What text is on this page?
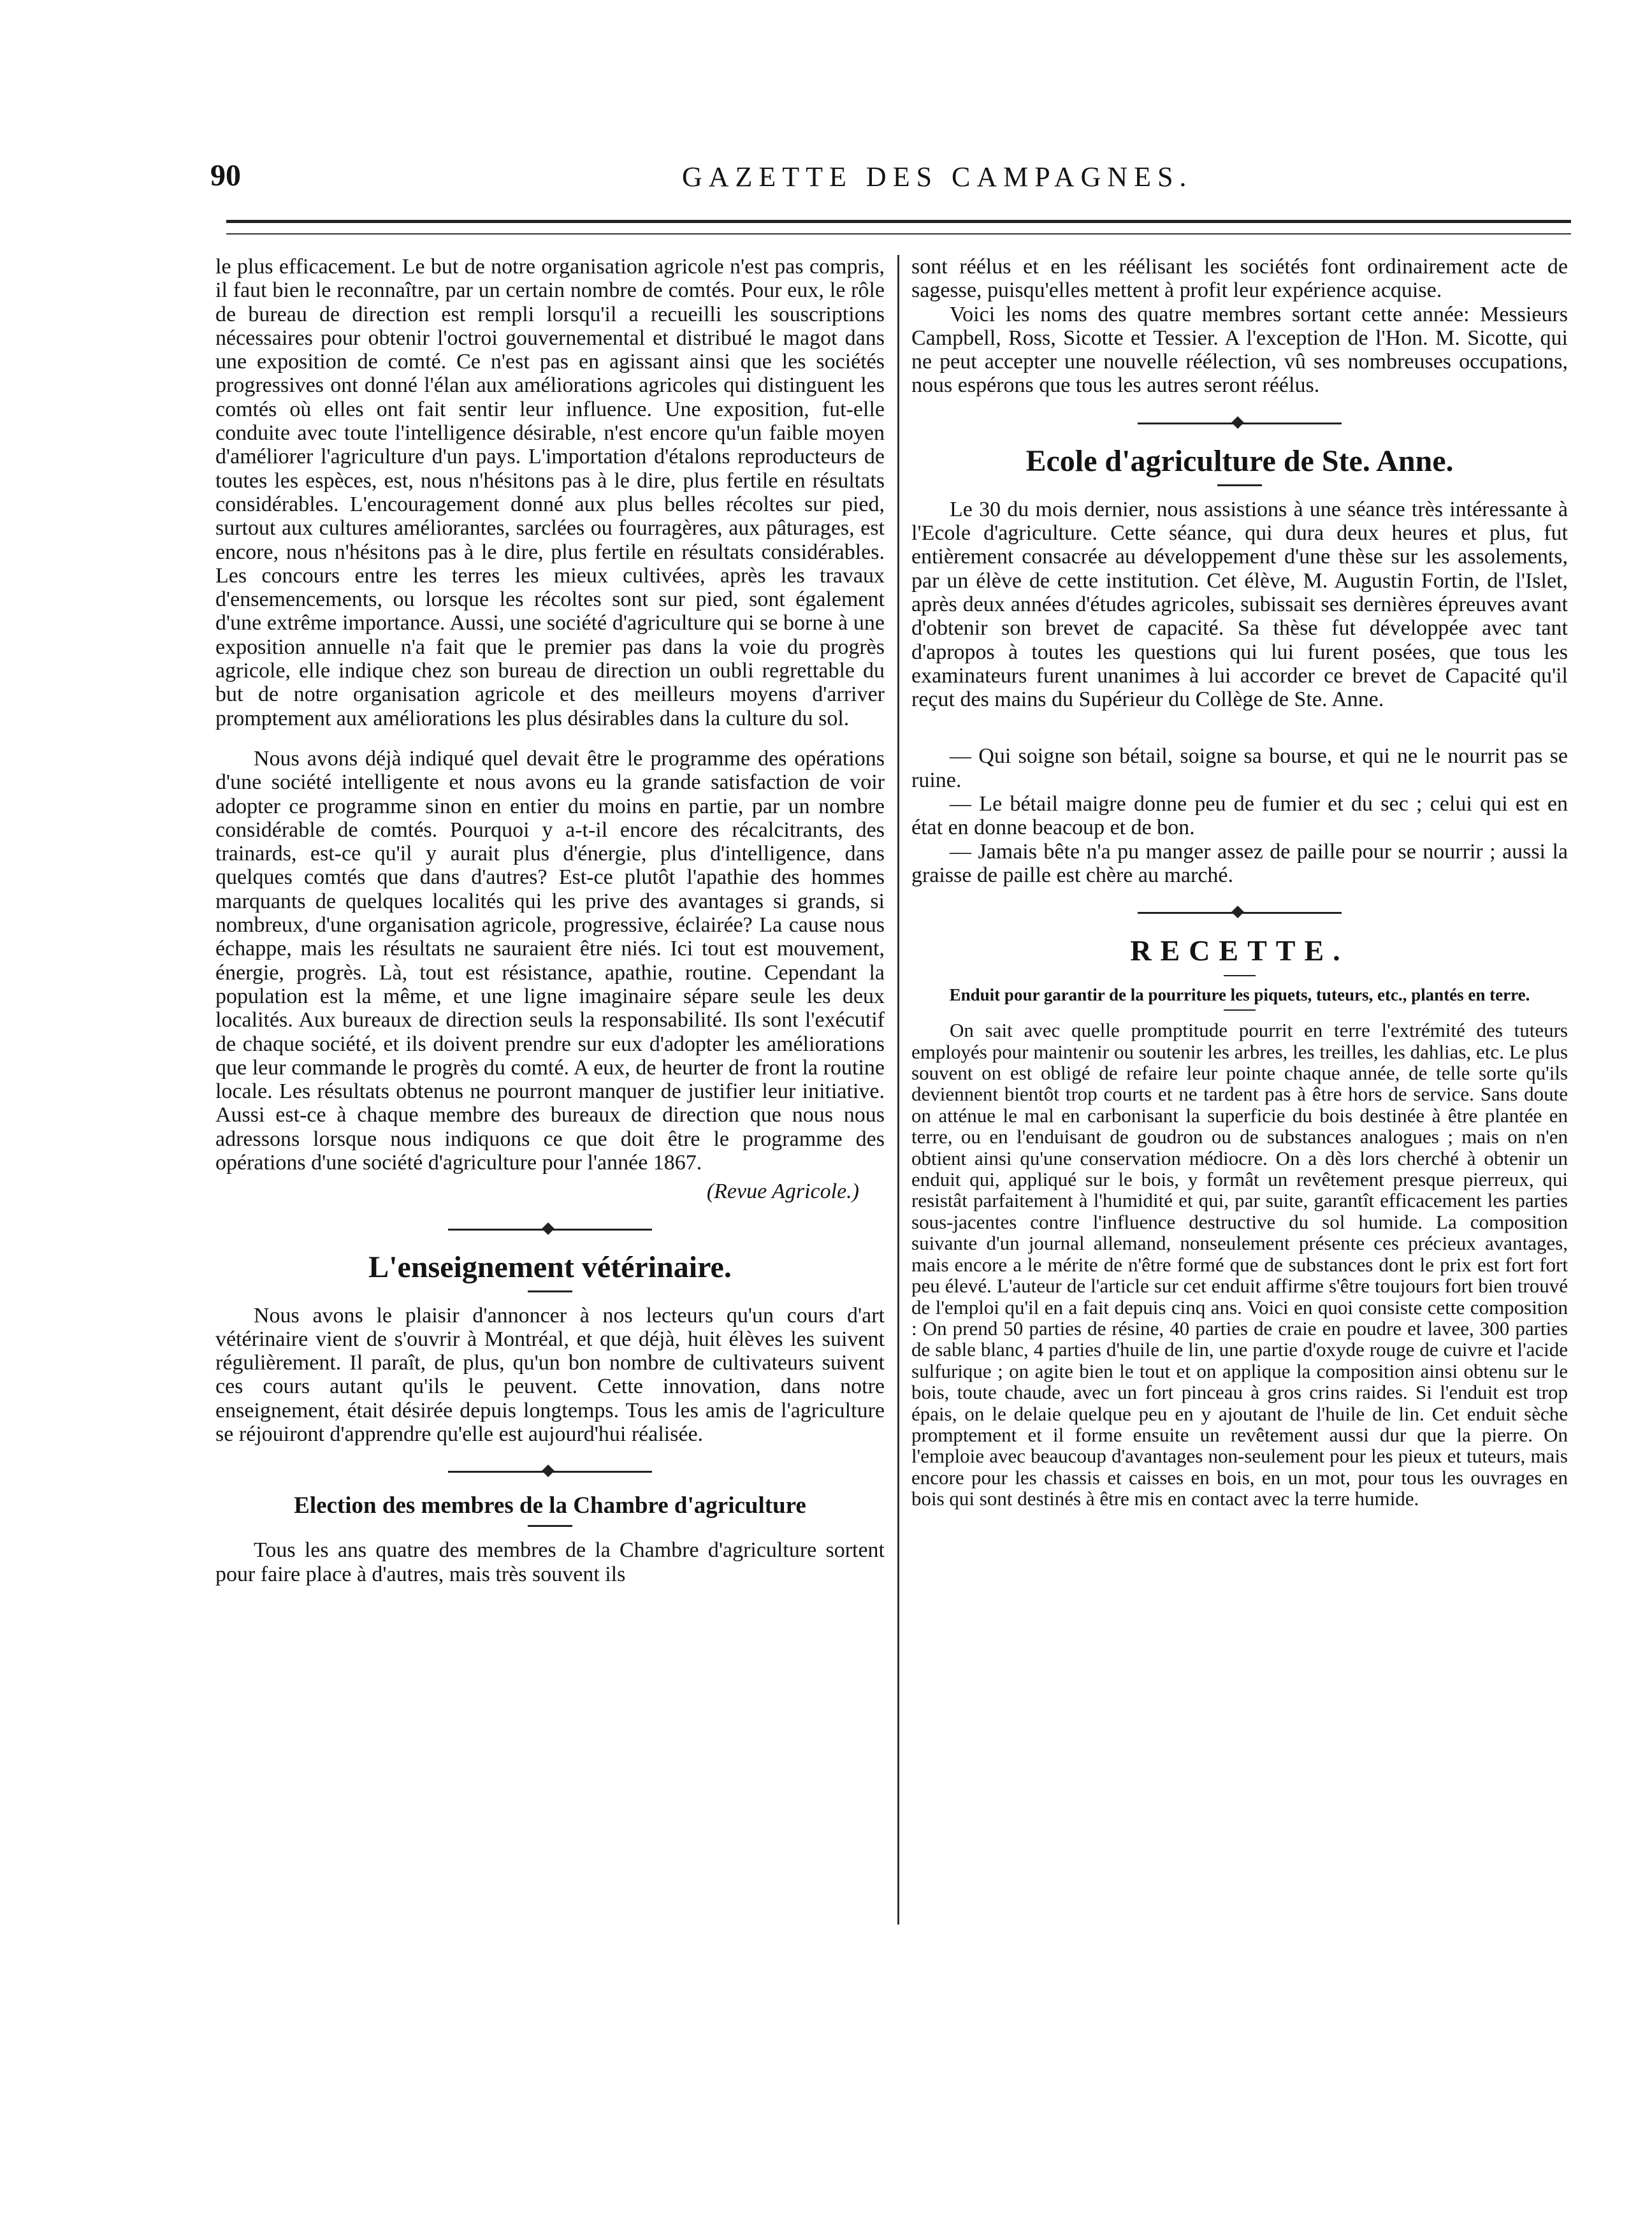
90	GAZETTE DES CAMPAGNES.

le plus efficacement. Le but de notre organisation agricole n'est pas compris, il faut bien le reconnaître, par un certain nombre de comtés. Pour eux, le rôle de bureau de direction est rempli lorsqu'il a recueilli les souscriptions nécessaires pour obtenir l'octroi gouvernemental et distribué le magot dans une exposition de comté. Ce n'est pas en agissant ainsi que les sociétés progressives ont donné l'élan aux améliorations agricoles qui distinguent les comtés où elles ont fait sentir leur influence. Une exposition, fut-elle conduite avec toute l'intelligence désirable, n'est encore qu'un faible moyen d'améliorer l'agriculture d'un pays. L'importation d'étalons reproducteurs de toutes les espèces, est, nous n'hésitons pas à le dire, plus fertile en résultats considérables. L'encouragement donné aux plus belles récoltes sur pied, surtout aux cultures améliorantes, sarclées ou fourragères, aux pâturages, est encore, nous n'hésitons pas à le dire, plus fertile en résultats considérables. Les concours entre les terres les mieux cultivées, après les travaux d'ensemencements, ou lorsque les récoltes sont sur pied, sont également d'une extrême importance. Aussi, une société d'agriculture qui se borne à une exposition annuelle n'a fait que le premier pas dans la voie du progrès agricole, elle indique chez son bureau de direction un oubli regrettable du but de notre organisation agricole et des meilleurs moyens d'arriver promptement aux améliorations les plus désirables dans la culture du sol.

Nous avons déjà indiqué quel devait être le programme des opérations d'une société intelligente et nous avons eu la grande satisfaction de voir adopter ce programme sinon en entier du moins en partie, par un nombre considérable de comtés. Pourquoi y a-t-il encore des récalcitrants, des trainards, est-ce qu'il y aurait plus d'énergie, plus d'intelligence, dans quelques comtés que dans d'autres? Est-ce plutôt l'apathie des hommes marquants de quelques localités qui les prive des avantages si grands, si nombreux, d'une organisation agricole, progressive, éclairée? La cause nous échappe, mais les résultats ne sauraient être niés. Ici tout est mouvement, énergie, progrès. Là, tout est résistance, apathie, routine. Cependant la population est la même, et une ligne imaginaire sépare seule les deux localités. Aux bureaux de direction seuls la responsabilité. Ils sont l'exécutif de chaque société, et ils doivent prendre sur eux d'adopter les améliorations que leur commande le progrès du comté. A eux, de heurter de front la routine locale. Les résultats obtenus ne pourront manquer de justifier leur initiative. Aussi est-ce à chaque membre des bureaux de direction que nous nous adressons lorsque nous indiquons ce que doit être le programme des opérations d'une société d'agriculture pour l'année 1867.

(Revue Agricole.)

L'enseignement vétérinaire.

Nous avons le plaisir d'annoncer à nos lecteurs qu'un cours d'art vétérinaire vient de s'ouvrir à Montréal, et que déjà, huit élèves les suivent régulièrement. Il paraît, de plus, qu'un bon nombre de cultivateurs suivent ces cours autant qu'ils le peuvent. Cette innovation, dans notre enseignement, était désirée depuis longtemps. Tous les amis de l'agriculture se réjouiront d'apprendre qu'elle est aujourd'hui réalisée.

Election des membres de la Chambre d'agriculture

Tous les ans quatre des membres de la Chambre d'agriculture sortent pour faire place à d'autres, mais très souvent ils

sont réélus et en les réélisant les sociétés font ordinairement acte de sagesse, puisqu'elles mettent à profit leur expérience acquise.

Voici les noms des quatre membres sortant cette année: Messieurs Campbell, Ross, Sicotte et Tessier. A l'exception de l'Hon. M. Sicotte, qui ne peut accepter une nouvelle réélection, vû ses nombreuses occupations, nous espérons que tous les autres seront réélus.

Ecole d'agriculture de Ste. Anne.

Le 30 du mois dernier, nous assistions à une séance très intéressante à l'Ecole d'agriculture. Cette séance, qui dura deux heures et plus, fut entièrement consacrée au développement d'une thèse sur les assolements, par un élève de cette institution. Cet élève, M. Augustin Fortin, de l'Islet, après deux années d'études agricoles, subissait ses dernières épreuves avant d'obtenir son brevet de capacité. Sa thèse fut développée avec tant d'apropos à toutes les questions qui lui furent posées, que tous les examinateurs furent unanimes à lui accorder ce brevet de Capacité qu'il reçut des mains du Supérieur du Collège de Ste. Anne.

— Qui soigne son bétail, soigne sa bourse, et qui ne le nourrit pas se ruine.

— Le bétail maigre donne peu de fumier et du sec ; celui qui est en état en donne beacoup et de bon.

— Jamais bête n'a pu manger assez de paille pour se nourrir ; aussi la graisse de paille est chère au marché.

RECETTE.
Enduit pour garantir de la pourriture les piquets, tuteurs, etc., plantés en terre.

On sait avec quelle promptitude pourrit en terre l'extrémité des tuteurs employés pour maintenir ou soutenir les arbres, les treilles, les dahlias, etc. Le plus souvent on est obligé de refaire leur pointe chaque année, de telle sorte qu'ils deviennent bientôt trop courts et ne tardent pas à être hors de service. Sans doute on atténue le mal en carbonisant la superficie du bois destinée à être plantée en terre, ou en l'enduisant de goudron ou de substances analogues ; mais on n'en obtient ainsi qu'une conservation médiocre. On a dès lors cherché à obtenir un enduit qui, appliqué sur le bois, y formât un revêtement presque pierreux, qui resistât parfaitement à l'humidité et qui, par suite, garantît efficacement les parties sous-jacentes contre l'influence destructive du sol humide. La composition suivante d'un journal allemand, nonseulement présente ces précieux avantages, mais encore a le mérite de n'être formé que de substances dont le prix est fort fort peu élevé. L'auteur de l'article sur cet enduit affirme s'être toujours fort bien trouvé de l'emploi qu'il en a fait depuis cinq ans. Voici en quoi consiste cette composition : On prend 50 parties de résine, 40 parties de craie en poudre et lavee, 300 parties de sable blanc, 4 parties d'huile de lin, une partie d'oxyde rouge de cuivre et l'acide sulfurique ; on agite bien le tout et on applique la composition ainsi obtenu sur le bois, toute chaude, avec un fort pinceau à gros crins raides. Si l'enduit est trop épais, on le delaie quelque peu en y ajoutant de l'huile de lin. Cet enduit sèche promptement et il forme ensuite un revêtement aussi dur que la pierre. On l'emploie avec beaucoup d'avantages non-seulement pour les pieux et tuteurs, mais encore pour les chassis et caisses en bois, en un mot, pour tous les ouvrages en bois qui sont destinés à être mis en contact avec la terre humide.
